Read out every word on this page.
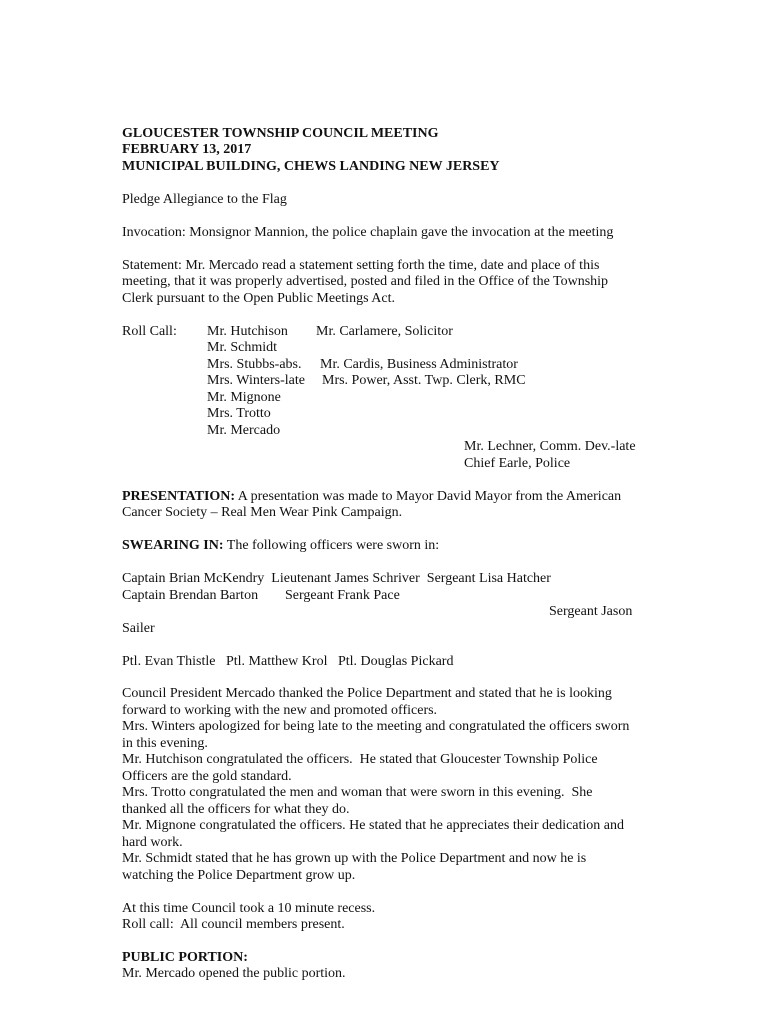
GLOUCESTER TOWNSHIP COUNCIL MEETING
FEBRUARY 13, 2017
MUNICIPAL BUILDING, CHEWS LANDING NEW JERSEY
Pledge Allegiance to the Flag
Invocation: Monsignor Mannion, the police chaplain gave the invocation at the meeting
Statement: Mr. Mercado read a statement setting forth the time, date and place of this
meeting, that it was properly advertised, posted and filed in the Office of the Township
Clerk pursuant to the Open Public Meetings Act.
Roll Call: Mr. Hutchison Mr. Carlamere, Solicitor
Mr. Schmidt
Mrs. Stubbs-abs. Mr. Cardis, Business Administrator
Mrs. Winters-late Mrs. Power, Asst. Twp. Clerk, RMC
Mr. Mignone
Mrs. Trotto
Mr. Mercado
Mr. Lechner, Comm. Dev.-late
Chief Earle, Police
PRESENTATION: A presentation was made to Mayor David Mayor from the American
Cancer Society – Real Men Wear Pink Campaign.
SWEARING IN: The following officers were sworn in:
Captain Brian McKendry  Lieutenant James Schriver  Sergeant Lisa Hatcher
Captain Brendan Barton Sergeant Frank Pace
Sergeant Jason
Sailer
Ptl. Evan Thistle   Ptl. Matthew Krol   Ptl. Douglas Pickard
Council President Mercado thanked the Police Department and stated that he is looking
forward to working with the new and promoted officers.
Mrs. Winters apologized for being late to the meeting and congratulated the officers sworn
in this evening.
Mr. Hutchison congratulated the officers.  He stated that Gloucester Township Police
Officers are the gold standard.
Mrs. Trotto congratulated the men and woman that were sworn in this evening.  She
thanked all the officers for what they do.
Mr. Mignone congratulated the officers. He stated that he appreciates their dedication and
hard work.
Mr. Schmidt stated that he has grown up with the Police Department and now he is
watching the Police Department grow up.
At this time Council took a 10 minute recess.
Roll call:  All council members present.
PUBLIC PORTION:
Mr. Mercado opened the public portion.
